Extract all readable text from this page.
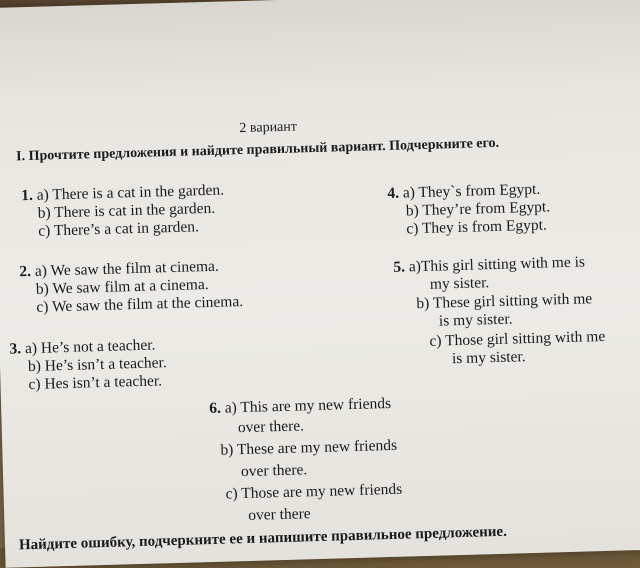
2 вариант
I. Прочтите предложения и найдите правильный вариант. Подчеркните его.
1. a) There is a cat in the garden.
b) There is cat in the garden.
c) There’s a cat in garden.
2. a) We saw the film at cinema.
b) We saw film at a cinema.
c) We saw the film at the cinema.
3. a) He’s not a teacher.
b) He’s isn’t a teacher.
c) Hes isn’t a teacher.
4. a) They`s from Egypt.
b) They’re from Egypt.
c) They is from Egypt.
5. a)This girl sitting with me is
my sister.
b) These girl sitting with me
is my sister.
c) Those girl sitting with me
is my sister.
6. a) This are my new friends
over there.
b) These are my new friends
over there.
c) Those are my new friends
over there
Найдите ошибку, подчеркните ее и напишите правильное предложение.
